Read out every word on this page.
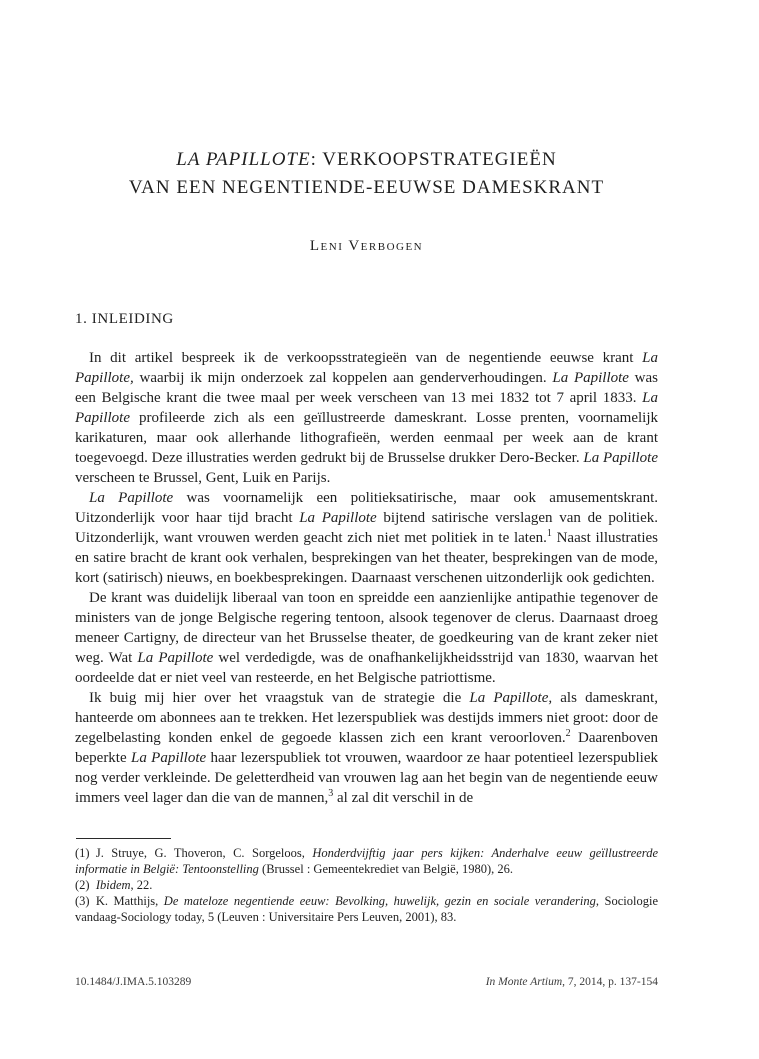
LA PAPILLOTE: VERKOOPSTRATEGIEËN
VAN EEN NEGENTIENDE-EEUWSE DAMESKRANT
Leni Verbogen
1. INLEIDING

In dit artikel bespreek ik de verkoopsstrategieën van de negentiende eeuwse krant La Papillote, waarbij ik mijn onderzoek zal koppelen aan genderverhoudingen. La Papillote was een Belgische krant die twee maal per week verscheen van 13 mei 1832 tot 7 april 1833. La Papillote profileerde zich als een geïllustreerde dameskrant. Losse prenten, voornamelijk karikaturen, maar ook allerhande lithografieën, werden eenmaal per week aan de krant toegevoegd. Deze illustraties werden gedrukt bij de Brusselse drukker Dero-Becker. La Papillote verscheen te Brussel, Gent, Luik en Parijs.

La Papillote was voornamelijk een politieksatirische, maar ook amusementskrant. Uitzonderlijk voor haar tijd bracht La Papillote bijtend satirische verslagen van de politiek. Uitzonderlijk, want vrouwen werden geacht zich niet met politiek in te laten.$^1$ Naast illustraties en satire bracht de krant ook verhalen, besprekingen van het theater, besprekingen van de mode, kort (satirisch) nieuws, en boekbesprekingen. Daarnaast verschenen uitzonderlijk ook gedichten.

De krant was duidelijk liberaal van toon en spreidde een aanzienlijke antipathie tegenover de ministers van de jonge Belgische regering tentoon, alsook tegenover de clerus. Daarnaast droeg meneer Cartigny, de directeur van het Brusselse theater, de goedkeuring van de krant zeker niet weg. Wat La Papillote wel verdedigde, was de onafhankelijkheidsstrijd van 1830, waarvan het oordeelde dat er niet veel van resteerde, en het Belgische patriottisme.

Ik buig mij hier over het vraagstuk van de strategie die La Papillote, als dameskrant, hanteerde om abonnees aan te trekken. Het lezerspubliek was destijds immers niet groot: door de zegelbelasting konden enkel de gegoede klassen zich een krant veroorloven.$^2$ Daarenboven beperkte La Papillote haar lezerspubliek tot vrouwen, waardoor ze haar potentieel lezerspubliek nog verder verkleinde. De geletterdheid van vrouwen lag aan het begin van de negentiende eeuw immers veel lager dan die van de mannen,$^3$ al zal dit verschil in de

(1) J. Struye, G. Thoveron, C. Sorgeloos, Honderdvijftig jaar pers kijken: Anderhalve eeuw geïllustreerde informatie in België: Tentoonstelling (Brussel : Gemeentekrediet van België, 1980), 26.

(2) Ibidem, 22.

(3) K. Matthijs, De mateloze negentiende eeuw: Bevolking, huwelijk, gezin en sociale verandering, Sociologie vandaag-Sociology today, 5 (Leuven : Universitaire Pers Leuven, 2001), 83.

10.1484/J.IMA.5.103289	In Monte Artium, 7, 2014, p. 137-154
